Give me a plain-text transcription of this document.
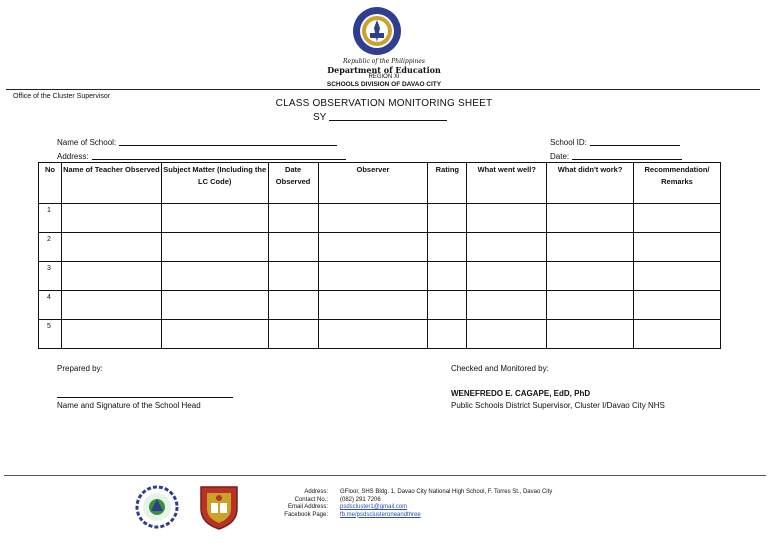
Republic of the Philippines
Department of Education
REGION XI
SCHOOLS DIVISION OF DAVAO CITY
Office of the Cluster Supervisor
CLASS OBSERVATION MONITORING SHEET
SY
Name of School:
Address:
School ID:
Date:
No	Name of Teacher Observed	Subject Matter (Including the LC Code)	Date Observed	Observer	Rating	What went well?	What didn't work?	Recommendation/ Remarks
1								
2								
3								
4								
5								
Prepared by:
Name and Signature of the School Head
Checked and Monitored by:
WENEFREDO E. CAGAPE, EdD, PhD
Public Schools District Supervisor, Cluster I/Davao City NHS
Address: GFloor, SHS Bldg. 1, Davao City National High School, F. Torres St., Davao City
Contact No.: (082) 291 7206
Email Address: psdscluster1@gmail.com
Facebook Page: fb.me/psdsclusteroneandthree
